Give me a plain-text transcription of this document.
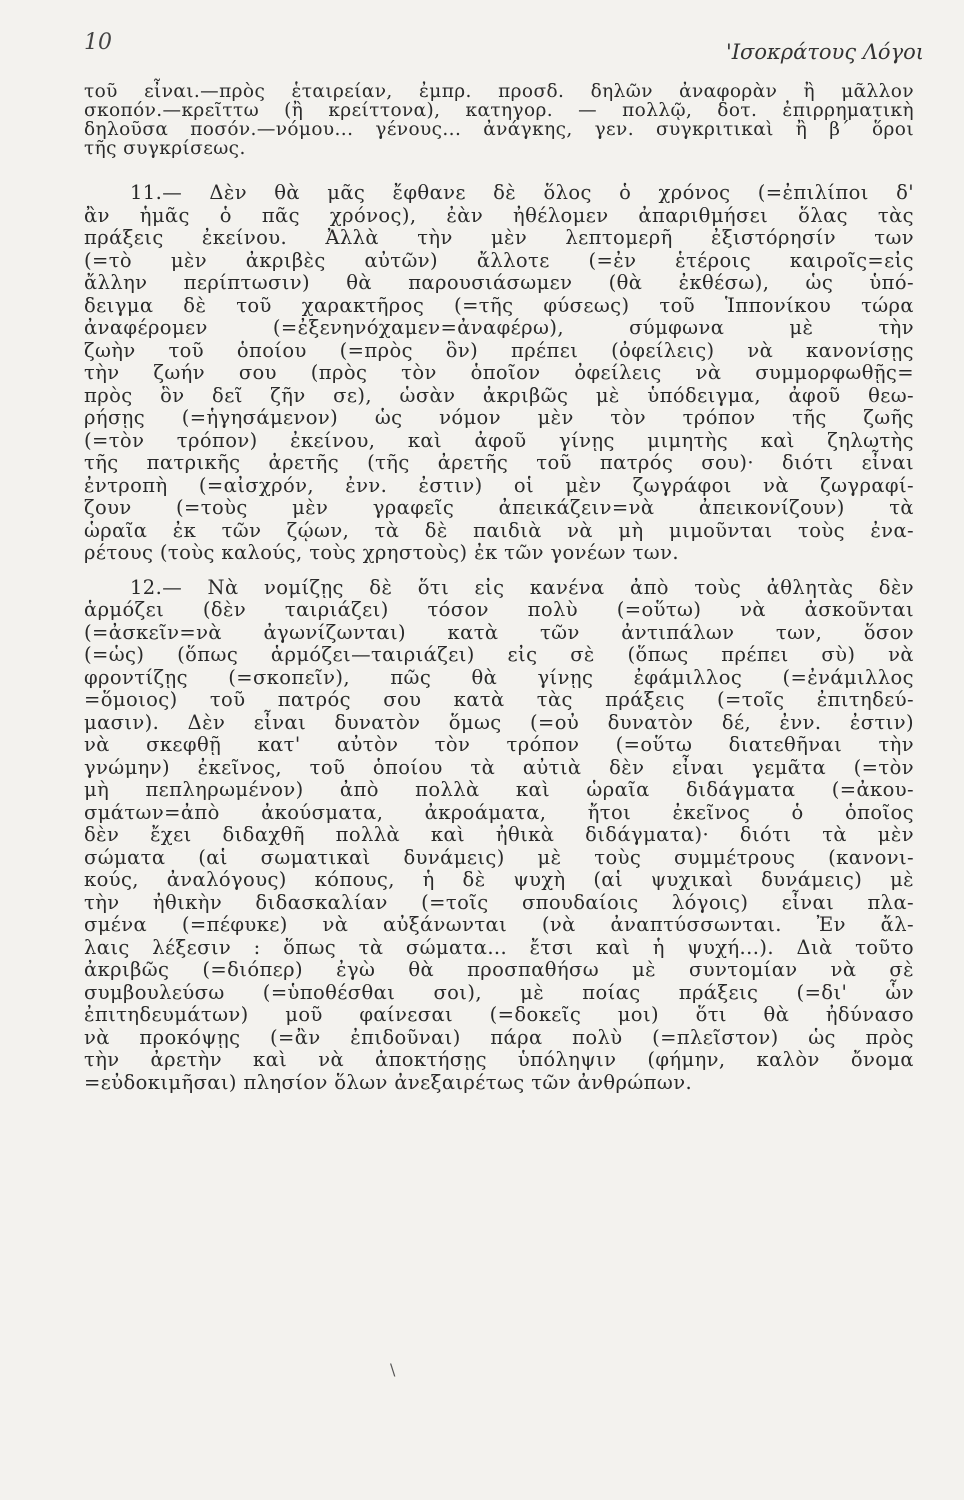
10	'Ισοκράτους Λόγοι

τοῦ εἶναι.—πρὸς ἑταιρείαν, ἐμπρ. προσδ. δηλῶν ἀναφορὰν ἢ μᾶλλον
σκοπόν.—κρεῖττω (ἢ κρείττονα), κατηγορ. — πολλῷ, δοτ. ἐπιρρηματικὴ
δηλοῦσα ποσόν.—νόμου... γένους... ἀνάγκης, γεν. συγκριτικαὶ ἢ β΄ ὅροι
τῆς συγκρίσεως.

11.— Δὲν θὰ μᾶς ἔφθανε δὲ ὅλος ὁ χρόνος (=ἐπιλίποι δ'
ἂν ἡμᾶς ὁ πᾶς χρόνος), ἐὰν ἠθέλομεν ἀπαριθμήσει ὅλας τὰς
πράξεις ἐκείνου. Ἀλλὰ τὴν μὲν λεπτομερῆ ἐξιστόρησίν των
(=τὸ μὲν ἀκριβὲς αὐτῶν) ἄλλοτε (=ἐν ἑτέροις καιροῖς=εἰς
ἄλλην περίπτωσιν) θὰ παρουσιάσωμεν (θὰ ἐκθέσω), ὡς ὑπό-
δειγμα δὲ τοῦ χαρακτῆρος (=τῆς φύσεως) τοῦ Ἱππονίκου τώρα
ἀναφέρομεν (=ἐξενηνόχαμεν=ἀναφέρω), σύμφωνα μὲ τὴν
ζωὴν τοῦ ὁποίου (=πρὸς ὃν) πρέπει (ὀφείλεις) νὰ κανονίσῃς
τὴν ζωήν σου (πρὸς τὸν ὁποῖον ὀφείλεις νὰ συμμορφωθῇς=
πρὸς ὃν δεῖ ζῆν σε), ὡσὰν ἀκριβῶς μὲ ὑπόδειγμα, ἀφοῦ θεω-
ρήσῃς (=ἡγησάμενον) ὡς νόμον μὲν τὸν τρόπον τῆς ζωῆς
(=τὸν τρόπον) ἐκείνου, καὶ ἀφοῦ γίνῃς μιμητὴς καὶ ζηλωτὴς
τῆς πατρικῆς ἀρετῆς (τῆς ἀρετῆς τοῦ πατρός σου)· διότι εἶναι
ἐντροπὴ (=αἰσχρόν, ἐνν. ἐστιν) οἱ μὲν ζωγράφοι νὰ ζωγραφί-
ζουν (=τοὺς μὲν γραφεῖς ἀπεικάζειν=νὰ ἀπεικονίζουν) τὰ
ὡραῖα ἐκ τῶν ζῴων, τὰ δὲ παιδιὰ νὰ μὴ μιμοῦνται τοὺς ἐνα-
ρέτους (τοὺς καλούς, τοὺς χρηστοὺς) ἐκ τῶν γονέων των.

12.— Νὰ νομίζῃς δὲ ὅτι εἰς κανένα ἀπὸ τοὺς ἀθλητὰς δὲν
ἁρμόζει (δὲν ταιριάζει) τόσον πολὺ (=οὕτω) νὰ ἀσκοῦνται
(=ἀσκεῖν=νὰ ἀγωνίζωνται) κατὰ τῶν ἀντιπάλων των, ὅσον
(=ὡς) (ὅπως ἁρμόζει—ταιριάζει) εἰς σὲ (ὅπως πρέπει σὺ) νὰ
φροντίζῃς (=σκοπεῖν), πῶς θὰ γίνῃς ἐφάμιλλος (=ἐνάμιλλος
=ὅμοιος) τοῦ πατρός σου κατὰ τὰς πράξεις (=τοῖς ἐπιτηδεύ-
μασιν). Δὲν εἶναι δυνατὸν ὅμως (=οὐ δυνατὸν δέ, ἐνν. ἐστιν)
νὰ σκεφθῇ κατ' αὐτὸν τὸν τρόπον (=οὕτω διατεθῆναι τὴν
γνώμην) ἐκεῖνος, τοῦ ὁποίου τὰ αὐτιὰ δὲν εἶναι γεμᾶτα (=τὸν
μὴ πεπληρωμένον) ἀπὸ πολλὰ καὶ ὡραῖα διδάγματα (=ἀκου-
σμάτων=ἀπὸ ἀκούσματα, ἀκροάματα, ἤτοι ἐκεῖνος ὁ ὁποῖος
δὲν ἔχει διδαχθῆ πολλὰ καὶ ἠθικὰ διδάγματα)· διότι τὰ μὲν
σώματα (αἱ σωματικαὶ δυνάμεις) μὲ τοὺς συμμέτρους (κανονι-
κούς, ἀναλόγους) κόπους, ἡ δὲ ψυχὴ (αἱ ψυχικαὶ δυνάμεις) μὲ
τὴν ἠθικὴν διδασκαλίαν (=τοῖς σπουδαίοις λόγοις) εἶναι πλα-
σμένα (=πέφυκε) νὰ αὐξάνωνται (νὰ ἀναπτύσσωνται. Ἐν ἄλ-
λαις λέξεσιν : ὅπως τὰ σώματα... ἔτσι καὶ ἡ ψυχή...). Διὰ τοῦτο
ἀκριβῶς (=διόπερ) ἐγὼ θὰ προσπαθήσω μὲ συντομίαν νὰ σὲ
συμβουλεύσω (=ὑποθέσθαι σοι), μὲ ποίας πράξεις (=δι' ὧν
ἐπιτηδευμάτων) μοῦ φαίνεσαι (=δοκεῖς μοι) ὅτι θὰ ἠδύνασο
νὰ προκόψῃς (=ἂν ἐπιδοῦναι) πάρα πολὺ (=πλεῖστον) ὡς πρὸς
τὴν ἀρετὴν καὶ νὰ ἀποκτήσῃς ὑπόληψιν (φήμην, καλὸν ὄνομα
=εὐδοκιμῆσαι) πλησίον ὅλων ἀνεξαιρέτως τῶν ἀνθρώπων.

\
